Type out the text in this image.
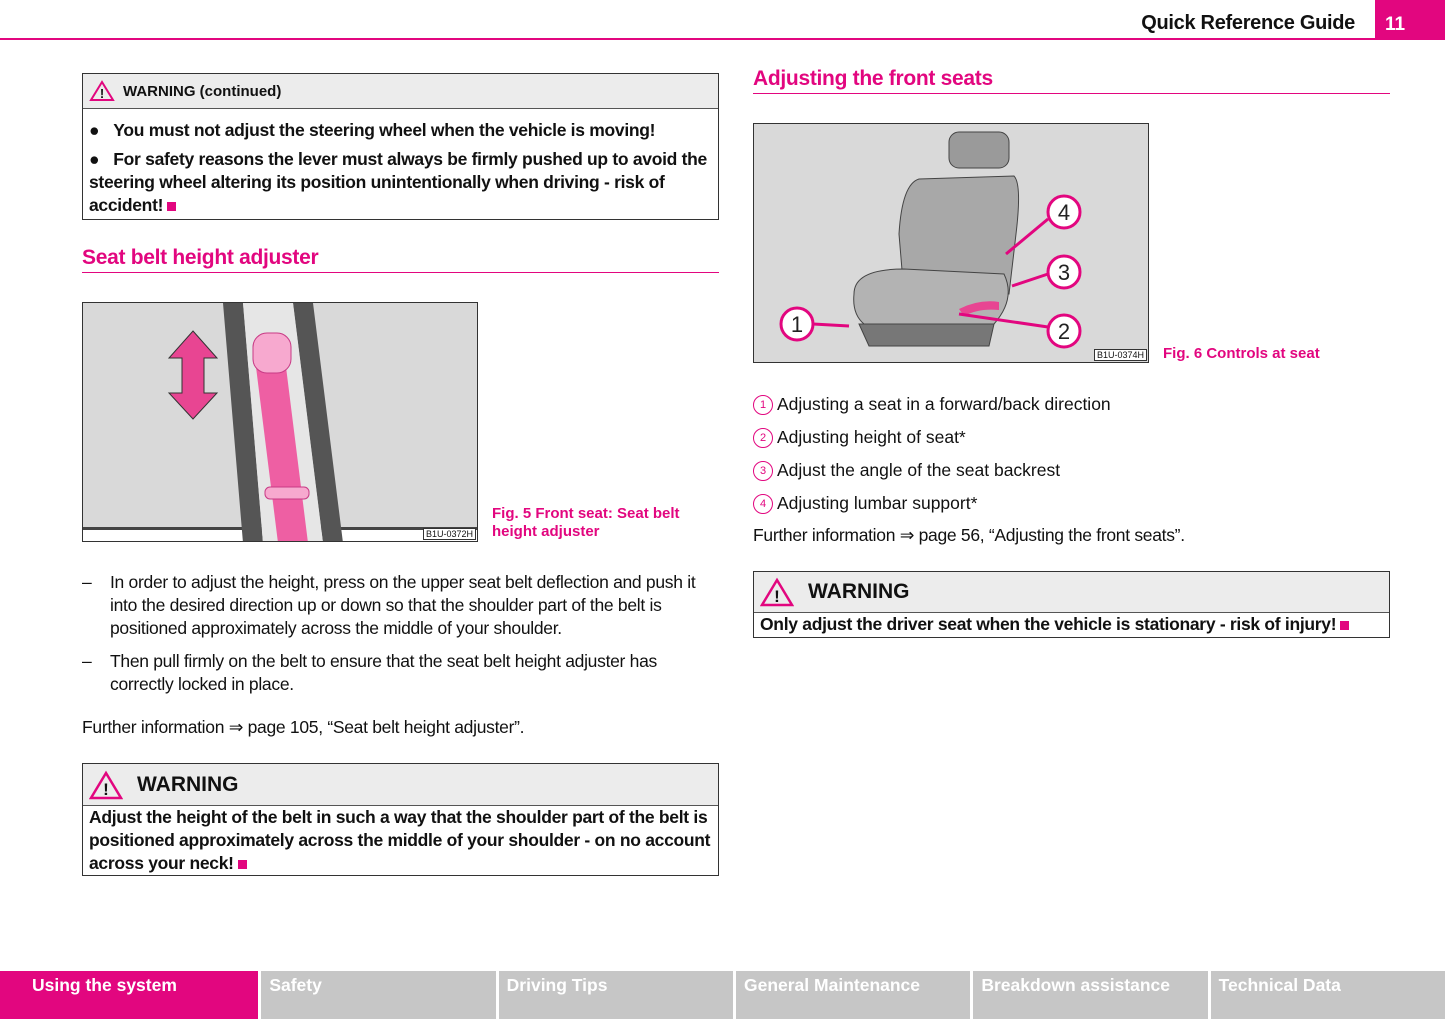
Quick Reference Guide	11
! WARNING (continued)
● You must not adjust the steering wheel when the vehicle is moving!
● For safety reasons the lever must always be firmly pushed up to avoid the steering wheel altering its position unintentionally when driving - risk of accident!
Seat belt height adjuster
B1U-0372H
Fig. 5 Front seat: Seat belt height adjuster
–	In order to adjust the height, press on the upper seat belt deflection and push it into the desired direction up or down so that the shoulder part of the belt is positioned approximately across the middle of your shoulder.
–	Then pull firmly on the belt to ensure that the seat belt height adjuster has correctly locked in place.
Further information ⇒ page 105, “Seat belt height adjuster”.
! WARNING
Adjust the height of the belt in such a way that the shoulder part of the belt is positioned approximately across the middle of your shoulder - on no account across your neck!
Adjusting the front seats
1	2
3
4
B1U-0374H Fig. 6 Controls at seat
1 Adjusting a seat in a forward/back direction
2 Adjusting height of seat*
3 Adjust the angle of the seat backrest
4 Adjusting lumbar support*
Further information ⇒ page 56, “Adjusting the front seats”.
! WARNING
Only adjust the driver seat when the vehicle is stationary - risk of injury!
Using the system	Safety	Driving Tips	General Maintenance	Breakdown assistance	Technical Data
